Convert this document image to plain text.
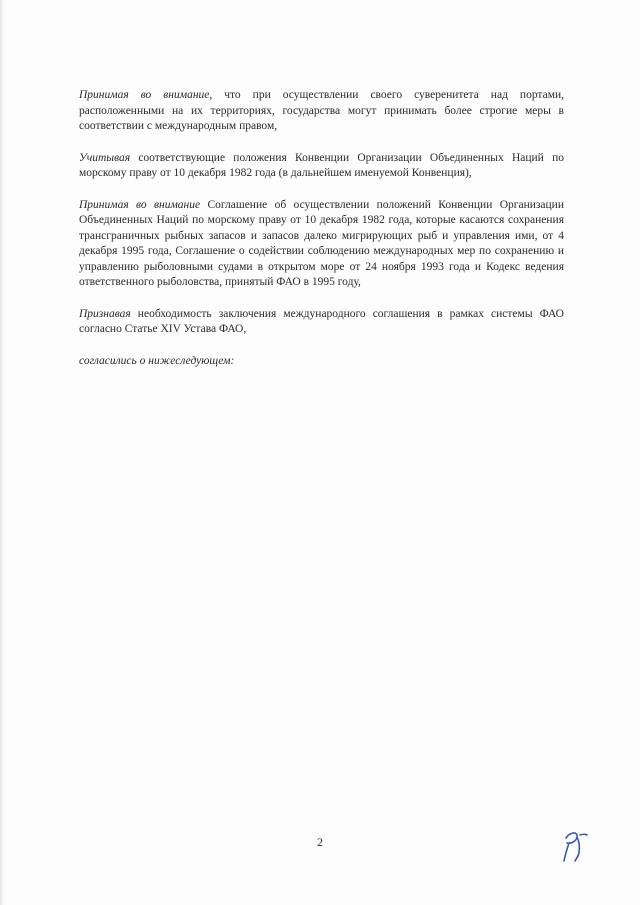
Принимая во внимание, что при осуществлении своего суверенитета над портами, расположенными на их территориях, государства могут принимать более строгие меры в соответствии с международным правом,

Учитывая соответствующие положения Конвенции Организации Объединенных Наций по морскому праву от 10 декабря 1982 года (в дальнейшем именуемой Конвенция),

Принимая во внимание Соглашение об осуществлении положений Конвенции Организации Объединенных Наций по морскому праву от 10 декабря 1982 года, которые касаются сохранения трансграничных рыбных запасов и запасов далеко мигрирующих рыб и управления ими, от 4 декабря 1995 года, Соглашение о содействии соблюдению международных мер по сохранению и управлению рыболовными судами в открытом море от 24 ноября 1993 года и Кодекс ведения ответственного рыболовства, принятый ФАО в 1995 году,

Признавая необходимость заключения международного соглашения в рамках системы ФАО согласно Статье XIV Устава ФАО,

согласились о нижеследующем:

2
